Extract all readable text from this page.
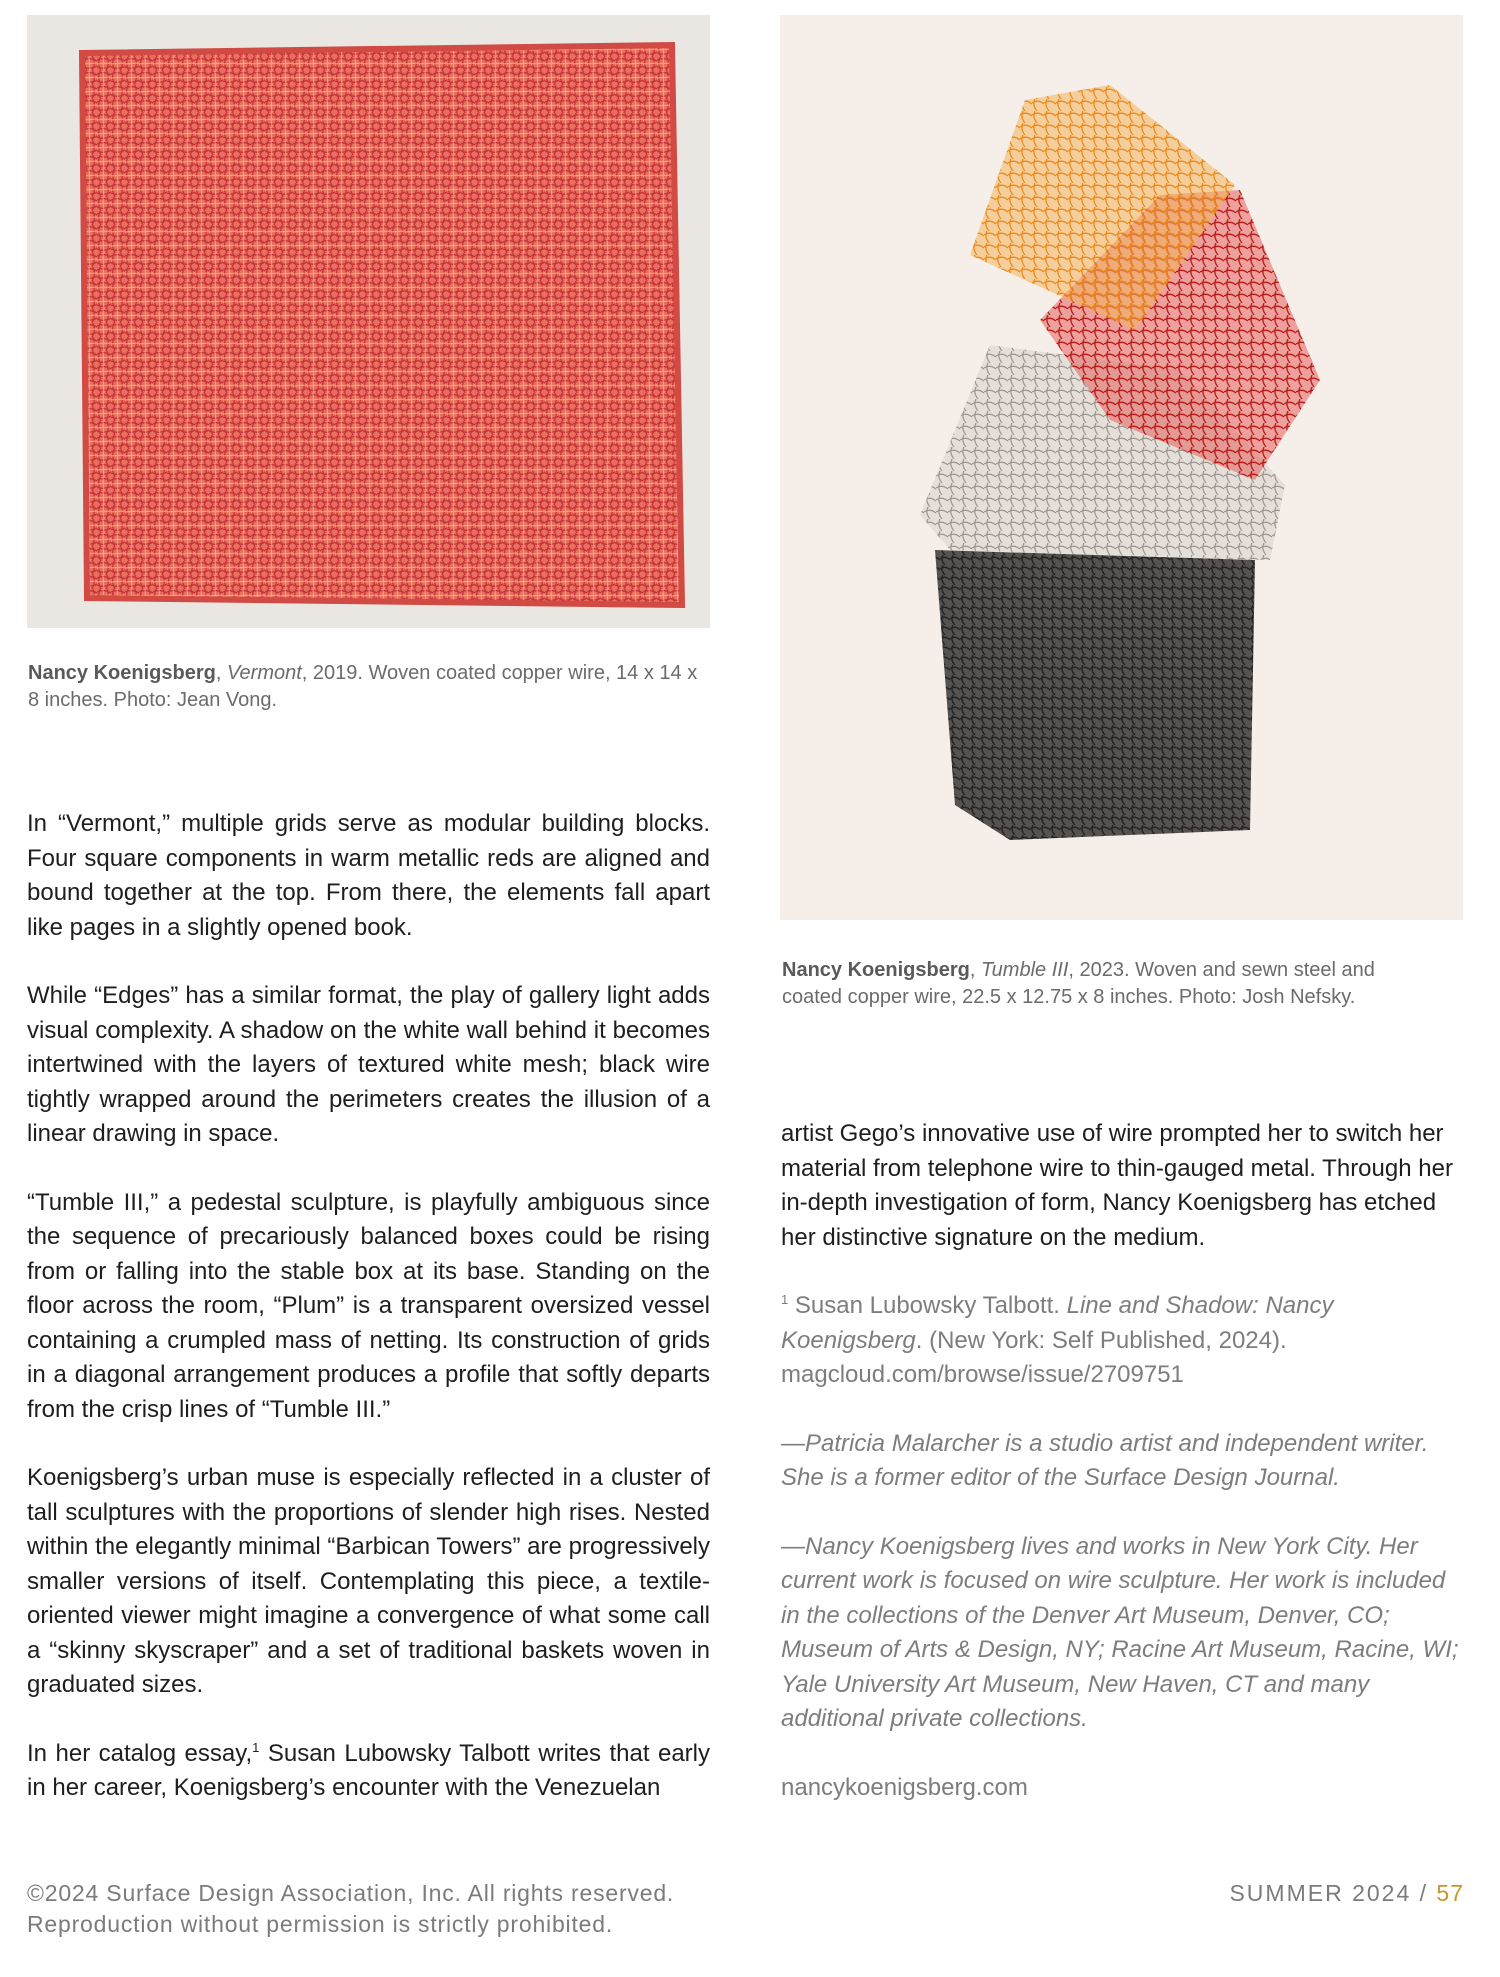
Nancy Koenigsberg, Vermont, 2019. Woven coated copper wire, 14 x 14 x 8 inches. Photo: Jean Vong.
Nancy Koenigsberg, Tumble III, 2023. Woven and sewn steel and coated copper wire, 22.5 x 12.75 x 8 inches. Photo: Josh Nefsky.

In “Vermont,” multiple grids serve as modular building blocks. Four square components in warm metallic reds are aligned and bound together at the top. From there, the elements fall apart like pages in a slightly opened book.

While “Edges” has a similar format, the play of gallery light adds visual complexity. A shadow on the white wall behind it becomes intertwined with the layers of textured white mesh; black wire tightly wrapped around the perimeters creates the illusion of a linear drawing in space.

“Tumble III,” a pedestal sculpture, is playfully ambiguous since the sequence of precariously balanced boxes could be rising from or falling into the stable box at its base. Standing on the floor across the room, “Plum” is a transparent oversized vessel containing a crumpled mass of netting. Its construction of grids in a diagonal arrangement produces a profile that softly departs from the crisp lines of “Tumble III.”

Koenigsberg’s urban muse is especially reflected in a cluster of tall sculptures with the proportions of slender high rises. Nested within the elegantly minimal “Barbican Towers” are progressively smaller versions of itself. Contemplating this piece, a textile-oriented viewer might imagine a convergence of what some call a “skinny skyscraper” and a set of traditional baskets woven in graduated sizes.

In her catalog essay,$^1$ Susan Lubowsky Talbott writes that early in her career, Koenigsberg’s encounter with the Venezuelan

artist Gego’s innovative use of wire prompted her to switch her material from telephone wire to thin-gauged metal. Through her in-depth investigation of form, Nancy Koenigsberg has etched her distinctive signature on the medium.

$^1$ Susan Lubowsky Talbott. Line and Shadow: Nancy Koenigsberg. (New York: Self Published, 2024). magcloud.com/browse/issue/2709751

—Patricia Malarcher is a studio artist and independent writer. She is a former editor of the Surface Design Journal.

—Nancy Koenigsberg lives and works in New York City. Her current work is focused on wire sculpture. Her work is included in the collections of the Denver Art Museum, Denver, CO; Museum of Arts & Design, NY; Racine Art Museum, Racine, WI; Yale University Art Museum, New Haven, CT and many additional private collections.

nancykoenigsberg.com

©2024 Surface Design Association, Inc. All rights reserved.
Reproduction without permission is strictly prohibited.
SUMMER 2024 / 57
